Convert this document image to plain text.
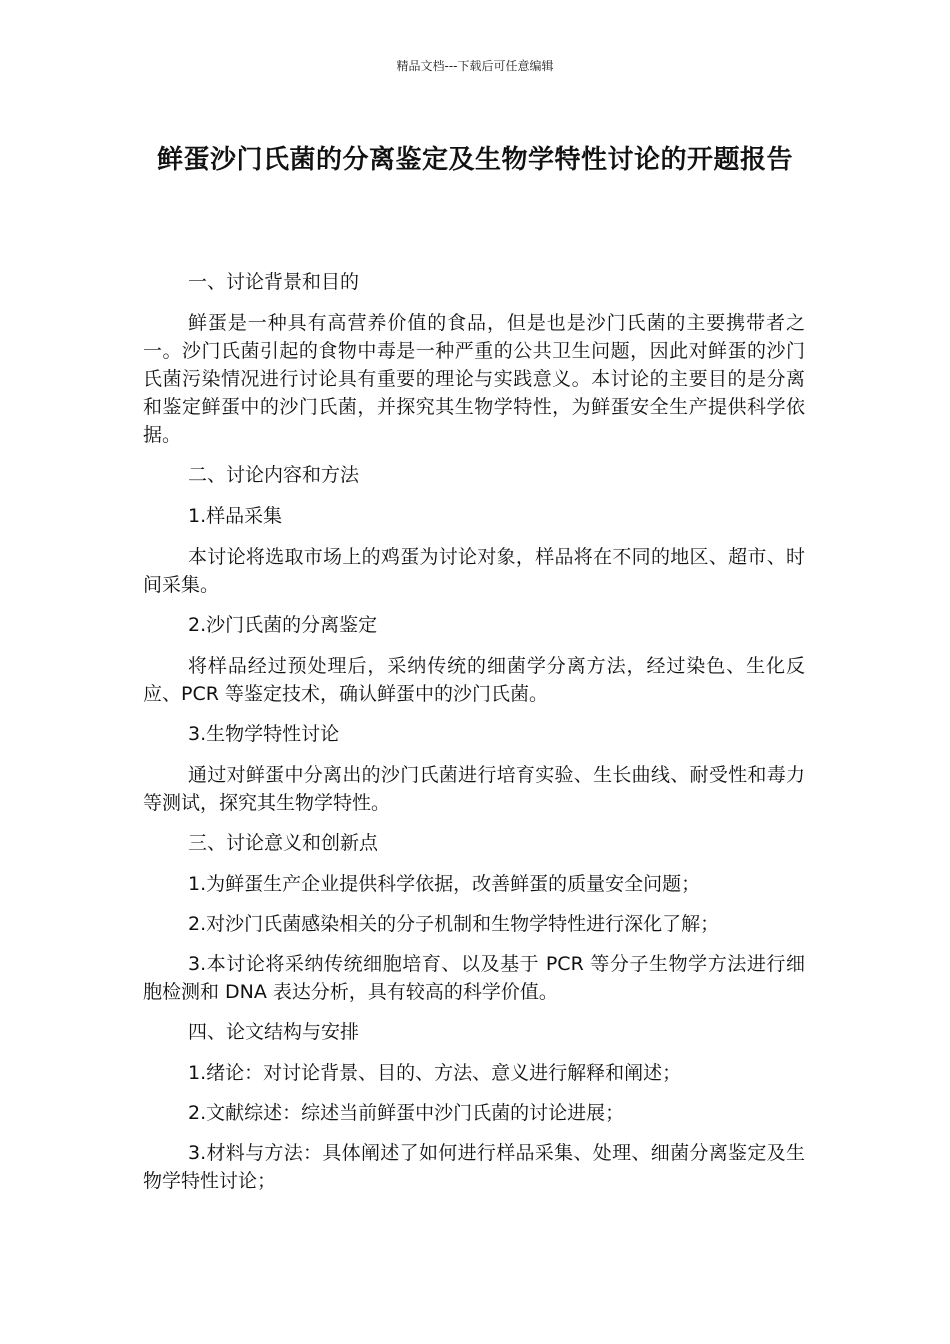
精品文档---下载后可任意编辑
鲜蛋沙门氏菌的分离鉴定及生物学特性讨论的开题报告

一、讨论背景和目的

鲜蛋是一种具有高营养价值的食品，但是也是沙门氏菌的主要携带者之一。沙门氏菌引起的食物中毒是一种严重的公共卫生问题，因此对鲜蛋的沙门氏菌污染情况进行讨论具有重要的理论与实践意义。本讨论的主要目的是分离和鉴定鲜蛋中的沙门氏菌，并探究其生物学特性，为鲜蛋安全生产提供科学依据。

二、讨论内容和方法

1.样品采集

本讨论将选取市场上的鸡蛋为讨论对象，样品将在不同的地区、超市、时间采集。

2.沙门氏菌的分离鉴定

将样品经过预处理后，采纳传统的细菌学分离方法，经过染色、生化反应、PCR 等鉴定技术，确认鲜蛋中的沙门氏菌。

3.生物学特性讨论

通过对鲜蛋中分离出的沙门氏菌进行培育实验、生长曲线、耐受性和毒力等测试，探究其生物学特性。

三、讨论意义和创新点

1.为鲜蛋生产企业提供科学依据，改善鲜蛋的质量安全问题；

2.对沙门氏菌感染相关的分子机制和生物学特性进行深化了解；

3.本讨论将采纳传统细胞培育、以及基于 PCR 等分子生物学方法进行细胞检测和 DNA 表达分析，具有较高的科学价值。

四、论文结构与安排

1.绪论：对讨论背景、目的、方法、意义进行解释和阐述；

2.文献综述：综述当前鲜蛋中沙门氏菌的讨论进展；

3.材料与方法：具体阐述了如何进行样品采集、处理、细菌分离鉴定及生物学特性讨论；
